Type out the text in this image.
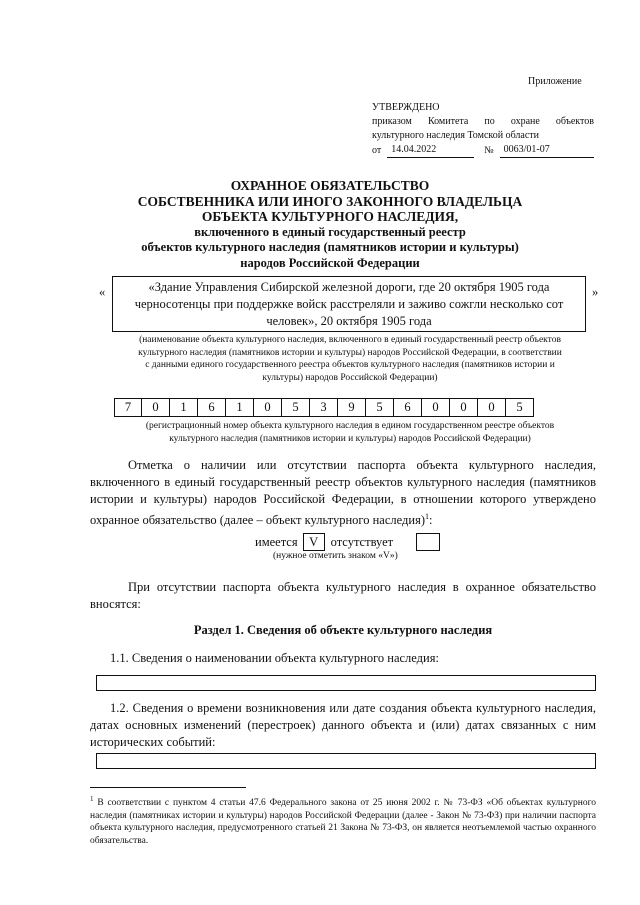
Приложение
УТВЕРЖДЕНО
приказом Комитета по охране объектов
культурного наследия Томской области
от	14.04.2022	№	0063/01-07
ОХРАННОЕ ОБЯЗАТЕЛЬСТВО
СОБСТВЕННИКА ИЛИ ИНОГО ЗАКОННОГО ВЛАДЕЛЬЦА
ОБЪЕКТА КУЛЬТУРНОГО НАСЛЕДИЯ,
включенного в единый государственный реестр
объектов культурного наследия (памятников истории и культуры)
народов Российской Федерации
«	»
«Здание Управления Сибирской железной дороги, где 20 октября 1905 года
черносотенцы при поддержке войск расстреляли и заживо сожгли несколько сот
человек», 20 октября 1905 года
(наименование объекта культурного наследия, включенного в единый государственный реестр объектов
культурного наследия (памятников истории и культуры) народов Российской Федерации, в соответствии
с данными единого государственного реестра объектов культурного наследия (памятников истории и
культуры) народов Российской Федерации)
7	0	1	6	1	0	5	3	9	5	6	0	0	0	5
(регистрационный номер объекта культурного наследия в едином государственном реестре объектов
культурного наследия (памятников истории и культуры) народов Российской Федерации)
Отметка о наличии или отсутствии паспорта объекта культурного наследия, включенного в единый государственный реестр объектов культурного наследия (памятников истории и культуры) народов Российской Федерации, в отношении которого утверждено охранное обязательство (далее – объект культурного наследия)$^1$:
имеется V отсутствует
(нужное отметить знаком «V»)
При отсутствии паспорта объекта культурного наследия в охранное обязательство вносятся:
Раздел 1. Сведения об объекте культурного наследия
1.1. Сведения о наименовании объекта культурного наследия:
1.2. Сведения о времени возникновения или дате создания объекта культурного наследия, датах основных изменений (перестроек) данного объекта и (или) датах связанных с ним исторических событий:
$^1$ В соответствии с пунктом 4 статьи 47.6 Федерального закона от 25 июня 2002 г. № 73-ФЗ «Об объектах культурного наследия (памятниках истории и культуры) народов Российской Федерации (далее - Закон № 73-ФЗ) при наличии паспорта объекта культурного наследия, предусмотренного статьей 21 Закона № 73-ФЗ, он является неотъемлемой частью охранного обязательства.
